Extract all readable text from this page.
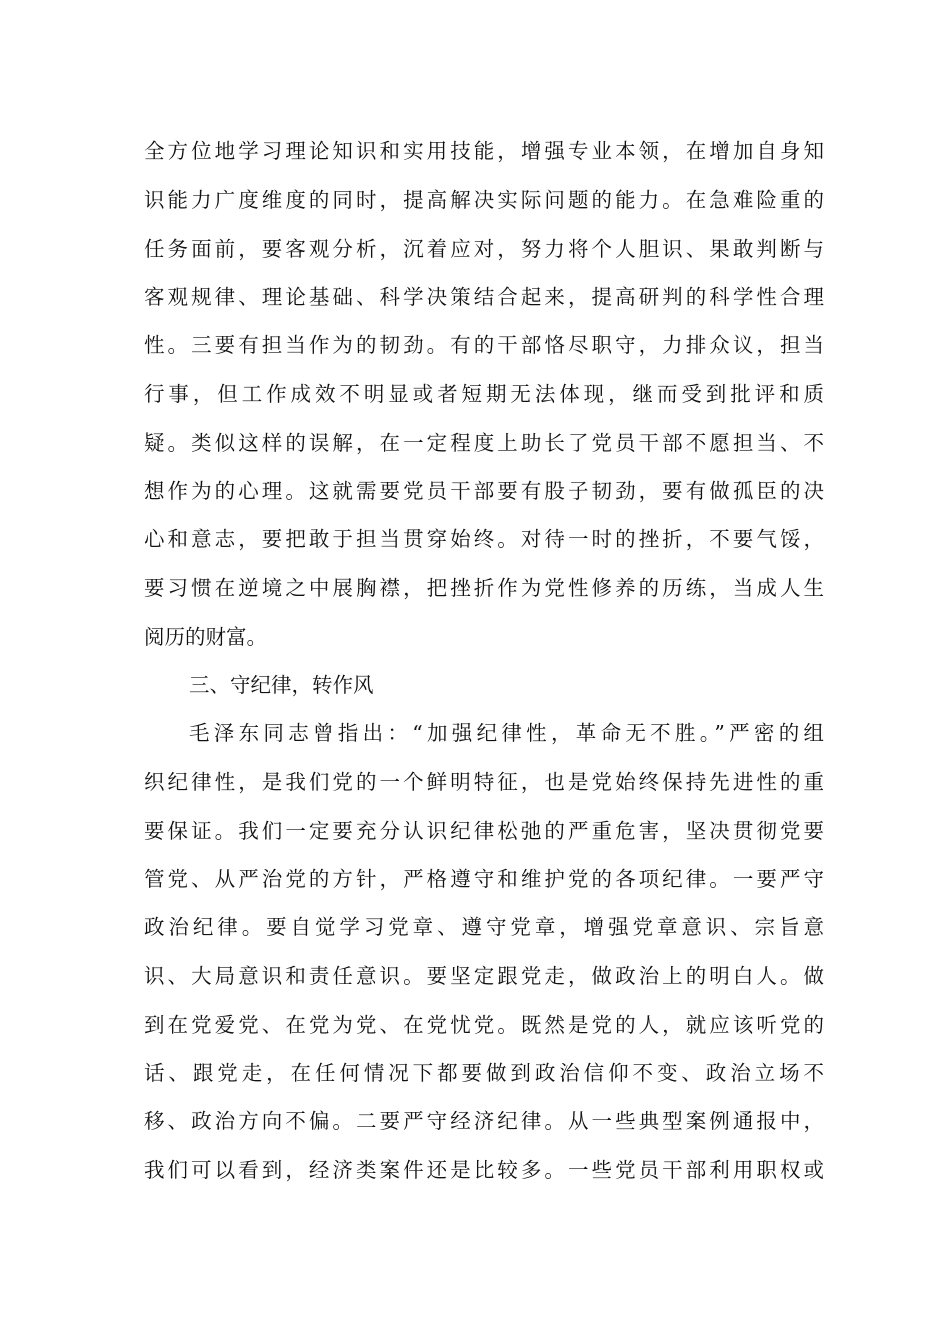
全方位地学习理论知识和实用技能，增强专业本领，在增加自身知
识能力广度维度的同时，提高解决实际问题的能力。在急难险重的
任务面前，要客观分析，沉着应对，努力将个人胆识、果敢判断与
客观规律、理论基础、科学决策结合起来，提高研判的科学性合理
性。三要有担当作为的韧劲。有的干部恪尽职守，力排众议，担当
行事，但工作成效不明显或者短期无法体现，继而受到批评和质
疑。类似这样的误解，在一定程度上助长了党员干部不愿担当、不
想作为的心理。这就需要党员干部要有股子韧劲，要有做孤臣的决
心和意志，要把敢于担当贯穿始终。对待一时的挫折，不要气馁，
要习惯在逆境之中展胸襟，把挫折作为党性修养的历练，当成人生
阅历的财富。
三、守纪律，转作风
毛泽东同志曾指出：“加强纪律性，革命无不胜。”严密的组
织纪律性，是我们党的一个鲜明特征，也是党始终保持先进性的重
要保证。我们一定要充分认识纪律松弛的严重危害，坚决贯彻党要
管党、从严治党的方针，严格遵守和维护党的各项纪律。一要严守
政治纪律。要自觉学习党章、遵守党章，增强党章意识、宗旨意
识、大局意识和责任意识。要坚定跟党走，做政治上的明白人。做
到在党爱党、在党为党、在党忧党。既然是党的人，就应该听党的
话、跟党走，在任何情况下都要做到政治信仰不变、政治立场不
移、政治方向不偏。二要严守经济纪律。从一些典型案例通报中，
我们可以看到，经济类案件还是比较多。一些党员干部利用职权或
